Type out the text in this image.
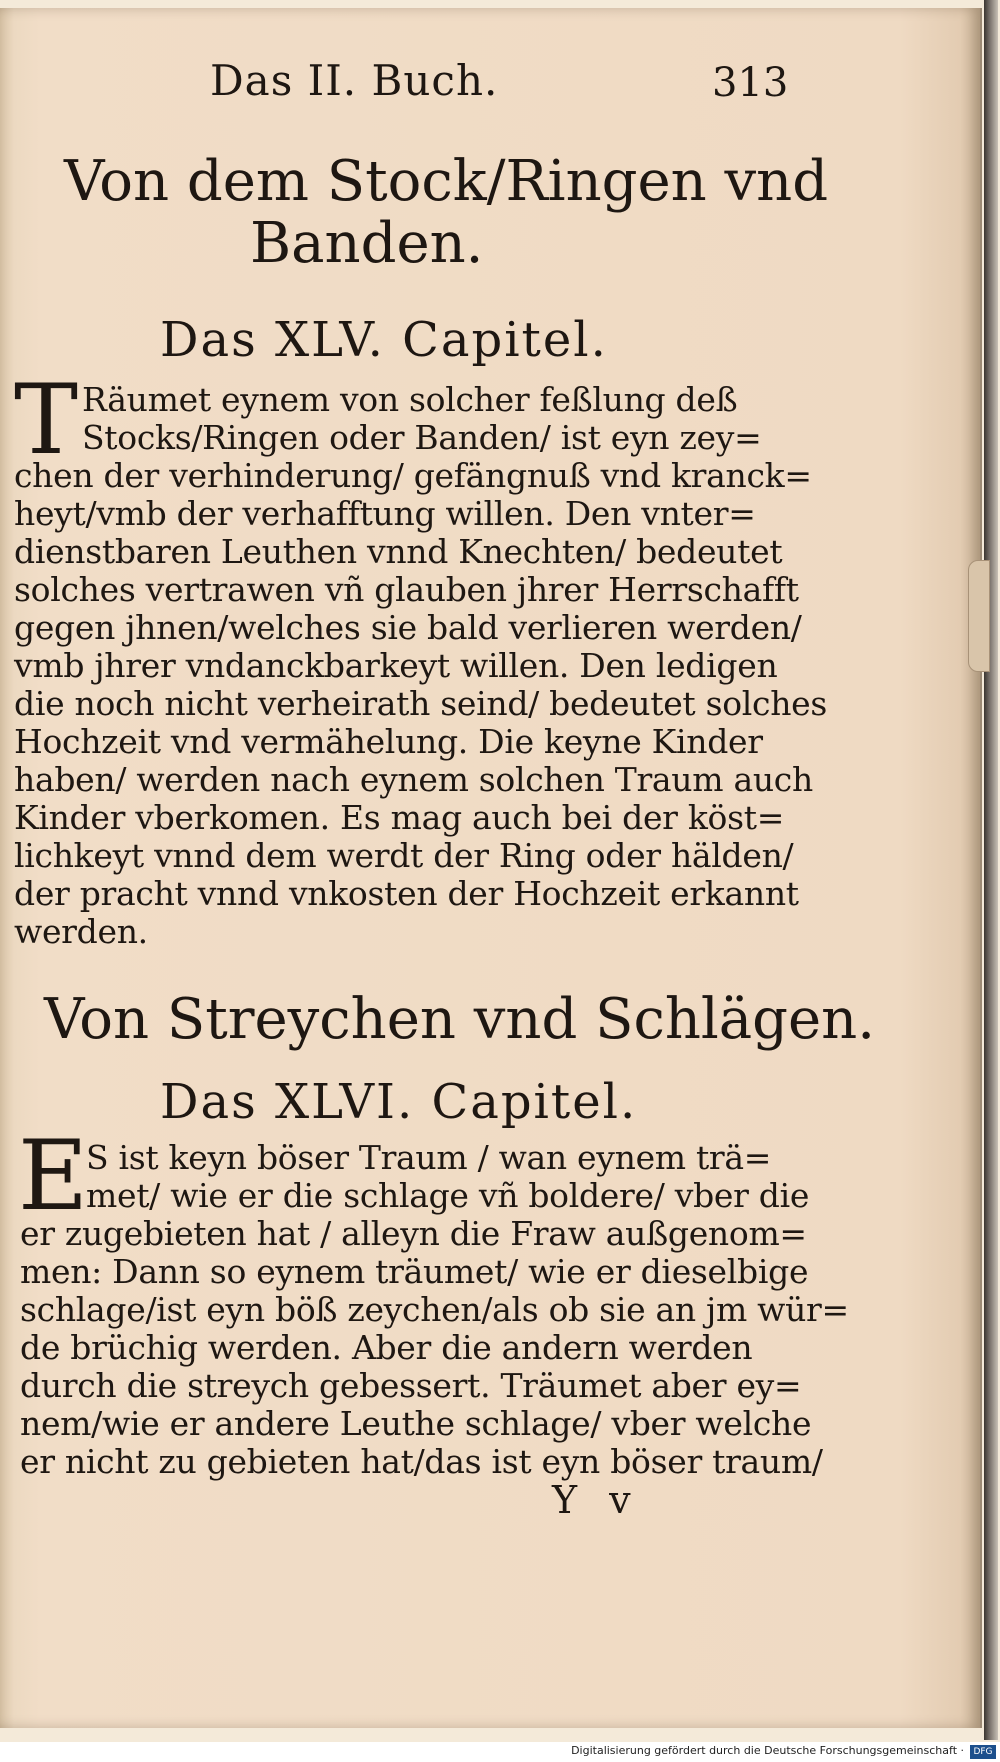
Das II. Buch.	313
Von dem Stock/Ringen vnd
Banden.
Das XLV. Capitel.
T Räumet eynem von solcher feßlung deß
Stocks/Ringen oder Banden/ ist eyn zey=
chen der verhinderung/ gefängnuß vnd kranck=
heyt/vmb der verhafftung willen. Den vnter=
dienstbaren Leuthen vnnd Knechten/ bedeutet
solches vertrawen vñ glauben jhrer Herrschafft
gegen jhnen/welches sie bald verlieren werden/
vmb jhrer vndanckbarkeyt willen. Den ledigen
die noch nicht verheirath seind/ bedeutet solches
Hochzeit vnd vermähelung. Die keyne Kinder
haben/ werden nach eynem solchen Traum auch
Kinder vberkomen. Es mag auch bei der köst=
lichkeyt vnnd dem werdt der Ring oder hälden/
der pracht vnnd vnkosten der Hochzeit erkannt
werden.
Von Streychen vnd Schlägen.
Das XLVI. Capitel.
E
S ist keyn böser Traum / wan eynem trä=
met/ wie er die schlage vñ boldere/ vber die
er zugebieten hat / alleyn die Fraw außgenom=
men: Dann so eynem träumet/ wie er dieselbige
schlage/ist eyn böß zeychen/als ob sie an jm wür=
de brüchig werden. Aber die andern werden
durch die streych gebessert. Träumet aber ey=
nem/wie er andere Leuthe schlage/ vber welche
er nicht zu gebieten hat/das ist eyn böser traum/
Y v
Digitalisierung gefördert durch die Deutsche Forschungsgemeinschaft ·	DFG
